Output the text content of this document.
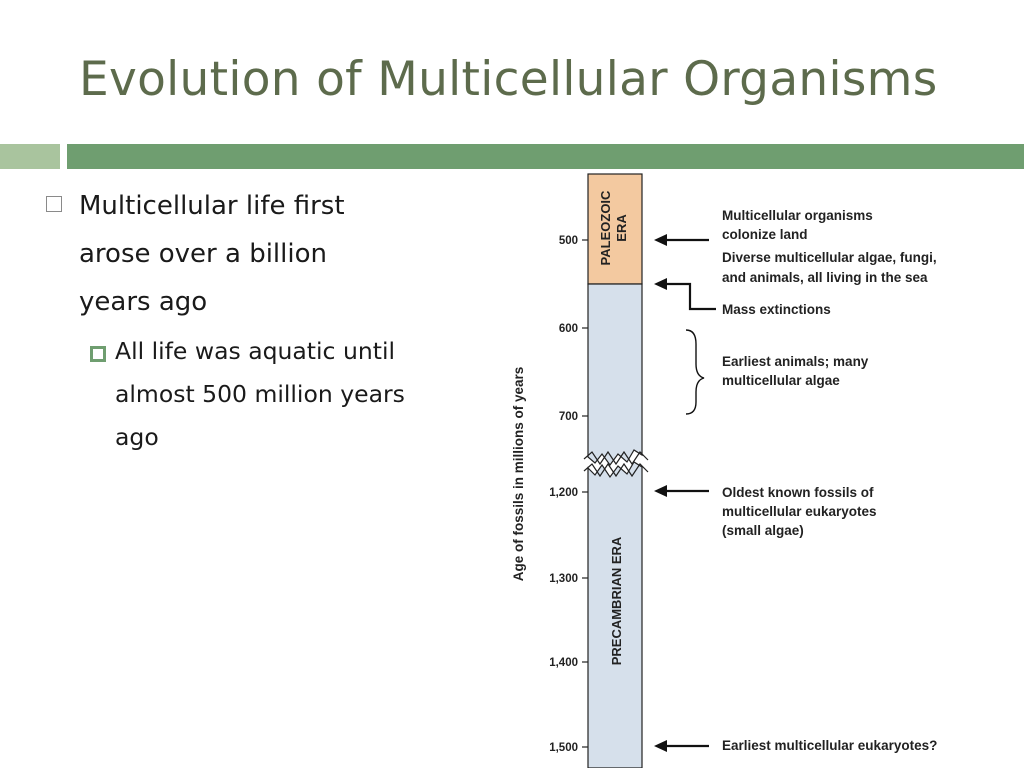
Evolution of Multicellular Organisms
Multicellular life first arose over a billion years ago
All life was aquatic until almost 500 million years ago
500
600
700
1,200
1,300
1,400
1,500
Age of fossils in millions of years
PALEOZOIC ERA
PRECAMBRIAN ERA
Multicellular organisms colonize land
Diverse multicellular algae, fungi, and animals, all living in the sea
Mass extinctions
Earliest animals; many multicellular algae
Oldest known fossils of multicellular eukaryotes (small algae)
Earliest multicellular eukaryotes?
